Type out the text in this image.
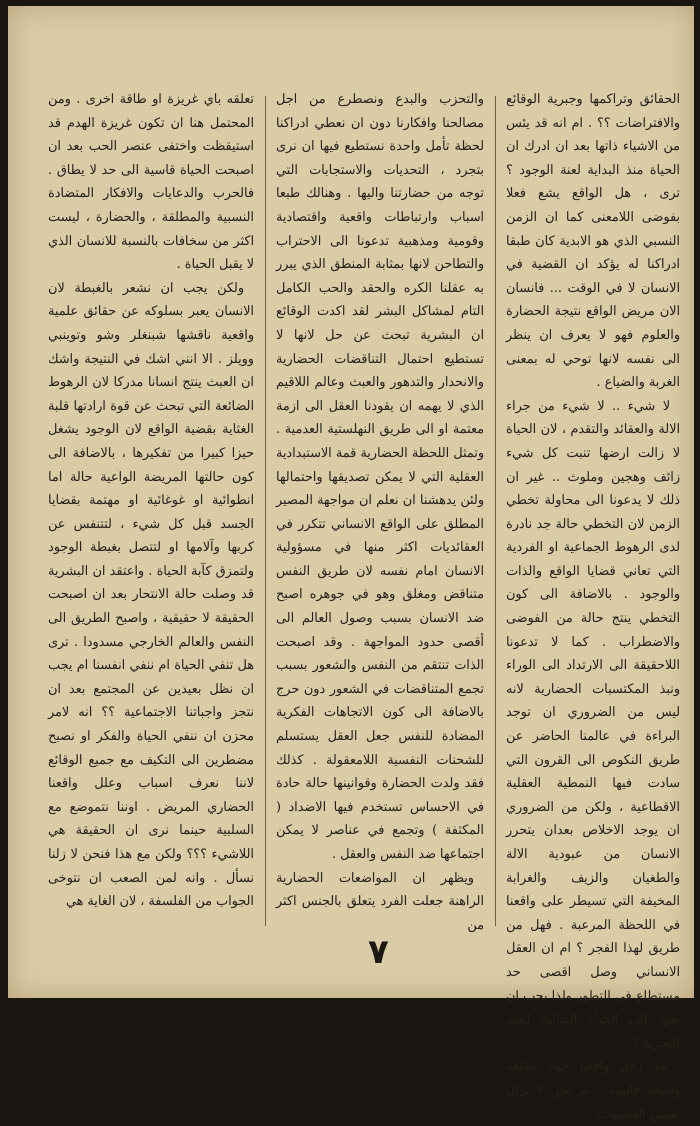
الحقائق وتراكمها وجبرية الوقائع والافتراضات ؟؟ . ام انه قد يئس من الاشياء ذاتها بعد ان ادرك ان الحياة منذ البداية لعنة الوجود ؟ ترى ، هل الواقع يشع فعلا بفوضى اللامعنى كما ان الزمن النسبي الذي هو الابدية كان طبقا ادراكنا له يؤكد ان القضية في الانسان لا في الوقت ... فانسان الان مريض الواقع نتيجة الحضارة والعلوم فهو لا يعرف ان ينظر الى نفسه لانها توحي له بمعنى الغربة والضياع .

لا شيء .. لا شيء من جراء الالة والعقائد والتقدم ، لان الحياة لا زالت ارضها تنبت كل شيء زائف وهجين وملوث .. غير ان ذلك لا يدعونا الى محاولة تخطي الزمن لان التخطي حالة جد نادرة لدى الرهوط الجماعية او الفردية التي تعاني قضايا الواقع والذات والوجود . بالاضافة الى كون التخطي ينتج حالة من الفوضى والاضطراب . كما لا تدعونا اللاحقيقة الى الارتداد الى الوراء ونبذ المكتسبات الحضارية لانه ليس من الضروري ان توجد البراءة في عالمنا الحاضر عن طريق النكوص الى القرون التي سادت فيها النمطية العقلية الاقطاعية ، ولكن من الضروري ان يوجد الاخلاص بعدان يتحرر الانسان من عبودية الالة والطغيان والزيف والغرابة المخيفة التي تسيطر على واقعنا في اللحظة المرعبة . فهل من طريق لهذا الفجر ؟ ام ان العقل الانساني وصل اقصى حد مستطاع في التطور ولذا يجب ان يعود الى الحياة البدائية ليعيد التجربة ؟ .

لقد دخل واقعنا حياة مغلقة واسعة قاسية ، ثم نحن لا نزال نعيش العصبيات

والتحزب والبدع ونصطرع من اجل مصالحنا وافكارنا دون ان نعطي ادراكنا لحظة تأمل واحدة نستطيع فيها ان نرى بتجرد ، التحديات والاستجابات التي توجه من حضارتنا واليها . وهنالك طبعا اسباب وارتباطات واقعية واقتصادية وقومية ومذهبية تدعونا الى الاحتراب والتطاحن لانها بمثابة المنطق الذي يبرر به عقلنا الكره والحقد والحب الكامل التام لمشاكل البشر لقد اكدت الوقائع ان البشرية تبحث عن حل لانها لا تستطيع احتمال التناقضات الحضارية والانحدار والتدهور والعبث وعالم اللاقيم الذي لا يهمه ان يقودنا العقل الى ازمة معتمة او الى طريق النهلستية العدمية . وتمثل اللحظة الحضارية قمة الاستبدادية العقلية التي لا يمكن تصديقها واحتمالها ولئن يدهشنا ان نعلم ان مواجهة المصير المطلق على الواقع الانساني تتكرر في العقائديات اكثر منها في مسؤولية الانسان امام نفسه لان طريق النفس متناقض ومغلق وهو في جوهره اصبح ضد الانسان بسبب وصول العالم الى أقصى حدود المواجهة . وقد اصبحت الذات تنتقم من النفس والشعور بسبب تجمع المتناقضات في الشعور دون حرج بالاضافة الى كون الاتجاهات الفكرية المضادة للنفس جعل العقل يستسلم للشحنات النفسية اللامعقولة . كذلك فقد ولدت الحضارة وقوانينها حالة حادة في الاحساس تستخدم فيها الاضداد ( المكثفة ) وتجمع في عناصر لا يمكن اجتماعها ضد النفس والعقل .

ويظهر ان المواضعات الحضارية الراهنة جعلت الفرد يتعلق بالجنس اكثر من

تعلقه باي غريزة او طاقة اخرى . ومن المحتمل هنا ان تكون غريزة الهدم قد استيقظت واختفى عنصر الحب بعد ان اصبحت الحياة قاسية الى حد لا يطاق . فالحرب والدعايات والافكار المتضادة النسبية والمطلقة ، والحضارة ، ليست اكثر من سخافات بالنسبة للانسان الذي لا يقبل الحياة .

ولكن يجب ان نشعر بالغبطة لان الانسان يعبر بسلوكه عن حقائق علمية واقعية ناقشها شبنغلر وشو وتوينبي وويلز . الا انني اشك في النتيجة واشك ان العبث ينتج انسانا مدركا لان الرهوط الضائعة التي تبحث عن قوة ارادتها قلبة الغثاية بقضية الواقع لان الوجود يشغل حيزا كبيرا من تفكيرها ، بالاضافة الى كون حالتها المريضة الواعية حالة اما انطوائية او غوغائية او مهتمة بقضايا الجسد قبل كل شيء ، لتتنفس عن كربها وآلامها او لتتصل بغبطة الوجود ولتمزق كآبة الحياة . واعتقد ان البشرية قد وصلت حالة الانتحار بعد ان اصبحت الحقيقة لا حقيقية ، واصبح الطريق الى النفس والعالم الخارجي مسدودا . ترى هل تنفي الحياة ام ننفي انفسنا ام يجب ان نظل بعيدين عن المجتمع بعد ان نتجز واجباتنا الاجتماعية ؟؟ انه لامر محزن ان ننفي الحياة والفكر او نصبح مضطرين الى التكيف مع جميع الوقائع لاننا نعرف اسباب وعلل واقعنا الحضاري المريض . اوننا نتموضع مع السلبية حينما نرى ان الحقيقة هي اللاشيء ؟؟؟ ولكن مع هذا فنحن لا زلنا نسأل . وانه لمن الصعب ان نتوخى الجواب من الفلسفة ، لان الغاية هي

٧
